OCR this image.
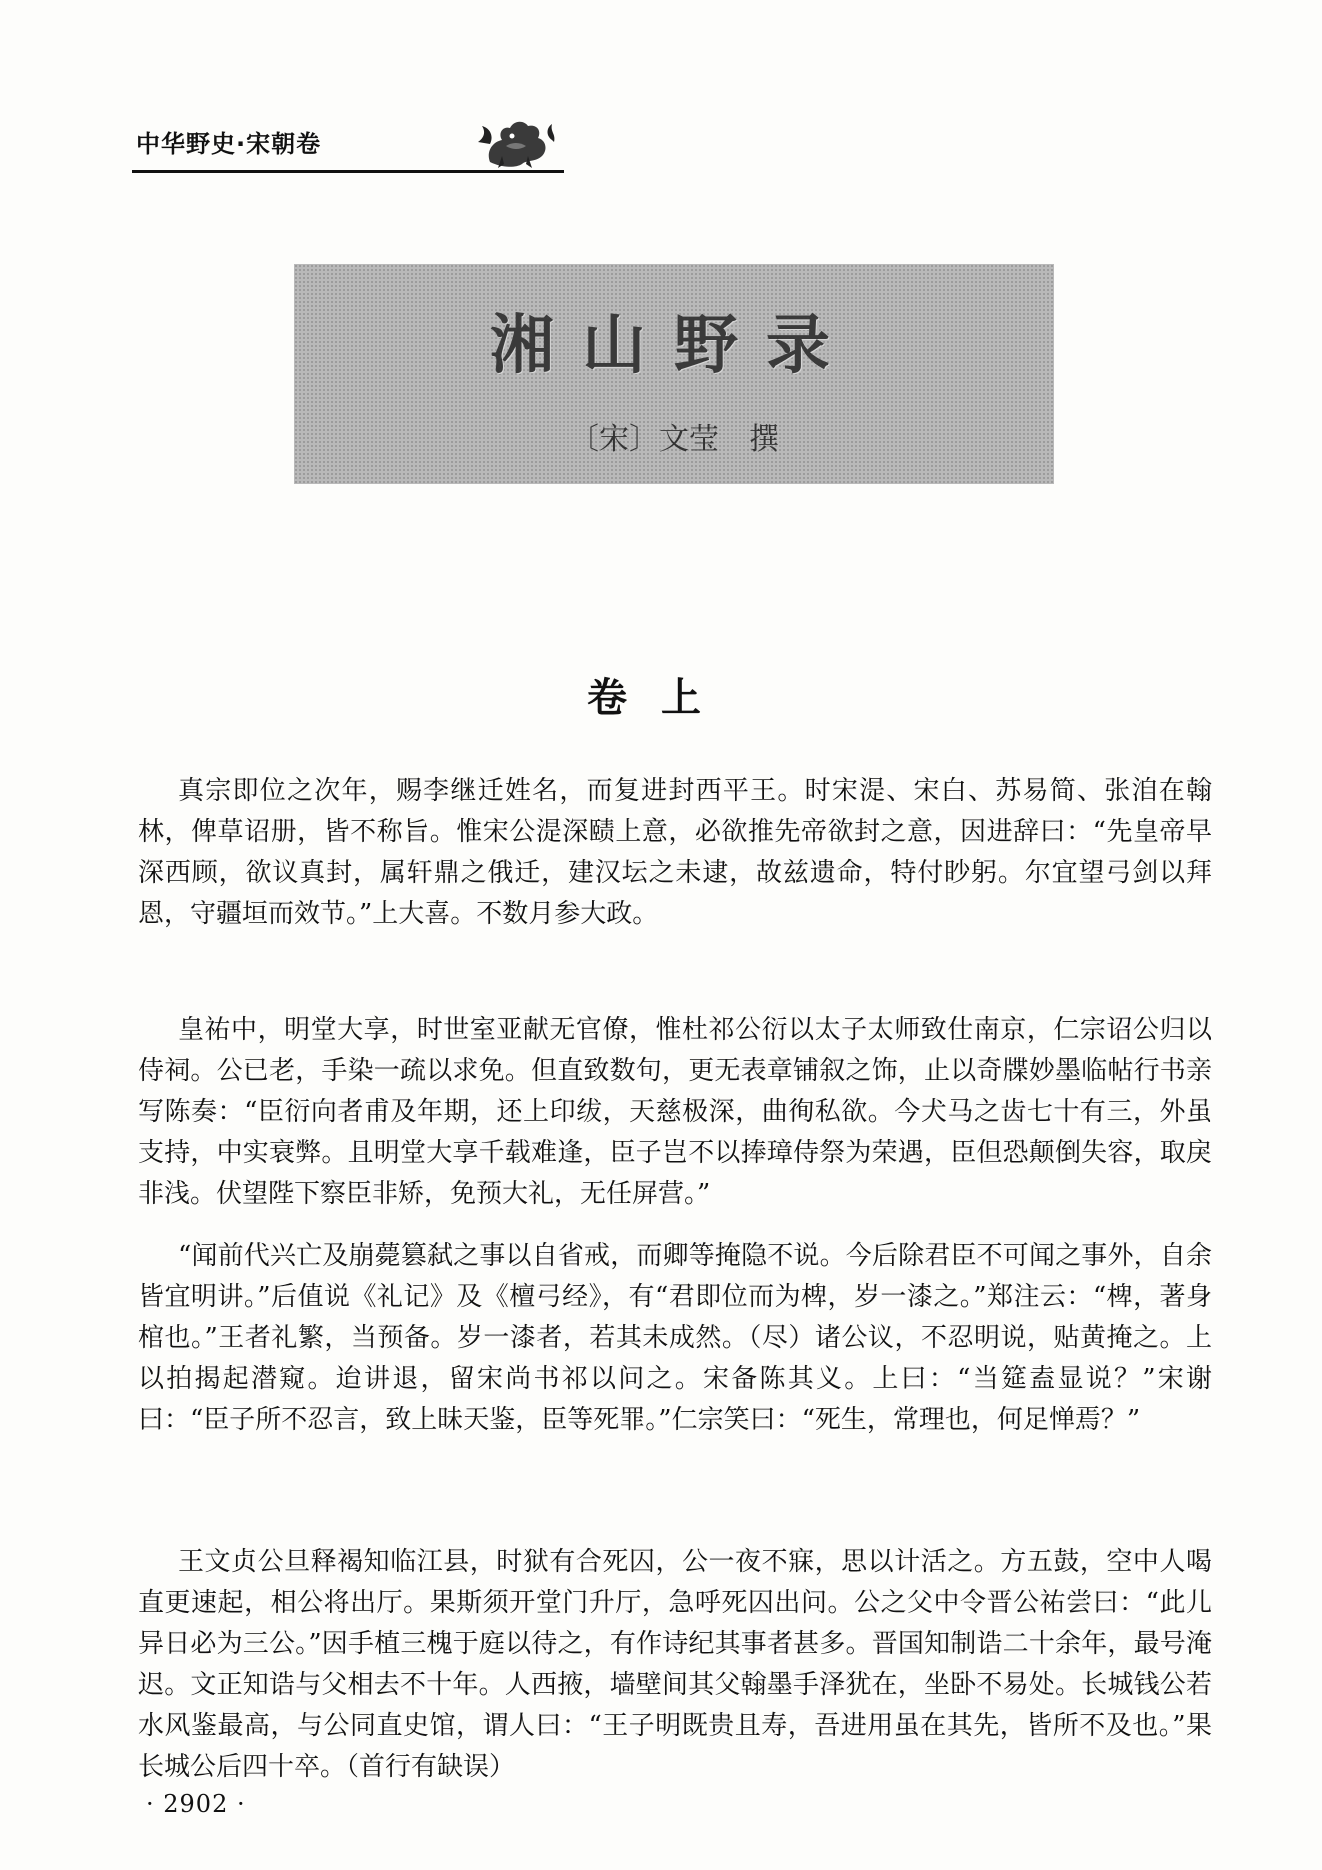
中华野史·宋朝卷
湘山野录
〔宋〕文莹 撰
卷上

真宗即位之次年，赐李继迁姓名，而复进封西平王。时宋湜、宋白、苏易简、张洎在翰林，俾草诏册，皆不称旨。惟宋公湜深赜上意，必欲推先帝欲封之意，因进辞曰：“先皇帝早深西顾，欲议真封，属轩鼎之俄迁，建汉坛之未逮，故兹遗命，特付眇躬。尔宜望弓剑以拜恩，守疆垣而效节。”上大喜。不数月参大政。

皇祐中，明堂大享，时世室亚献无官僚，惟杜祁公衍以太子太师致仕南京，仁宗诏公归以侍祠。公已老，手染一疏以求免。但直致数句，更无表章铺叙之饰，止以奇牒妙墨临帖行书亲写陈奏：“臣衍向者甫及年期，还上印绂，天慈极深，曲徇私欲。今犬马之齿七十有三，外虽支持，中实衰弊。且明堂大享千载难逢，臣子岂不以捧璋侍祭为荣遇，臣但恐颠倒失容，取戾非浅。伏望陛下察臣非矫，免预大礼，无任屏营。”

“闻前代兴亡及崩薨篡弑之事以自省戒，而卿等掩隐不说。今后除君臣不可闻之事外，自余皆宜明讲。”后值说《礼记》及《檀弓经》，有“君即位而为椑，岁一漆之。”郑注云：“椑，著身棺也。”王者礼繁，当预备。岁一漆者，若其未成然。（尽）诸公议，不忍明说，贴黄掩之。上以拍揭起潜窥。迨讲退，留宋尚书祁以问之。宋备陈其义。上曰：“当筵盍显说？”宋谢曰：“臣子所不忍言，致上昧天鉴，臣等死罪。”仁宗笑曰：“死生，常理也，何足惮焉？”

王文贞公旦释褐知临江县，时狱有合死囚，公一夜不寐，思以计活之。方五鼓，空中人喝直更速起，相公将出厅。果斯须开堂门升厅，急呼死囚出问。公之父中令晋公祐尝曰：“此儿异日必为三公。”因手植三槐于庭以待之，有作诗纪其事者甚多。晋国知制诰二十余年，最号淹迟。文正知诰与父相去不十年。人西掖，墙壁间其父翰墨手泽犹在，坐卧不易处。长城钱公若水风鉴最高，与公同直史馆，谓人曰：“王子明既贵且寿，吾进用虽在其先，皆所不及也。”果长城公后四十卒。（首行有缺误）

· 2902 ·
